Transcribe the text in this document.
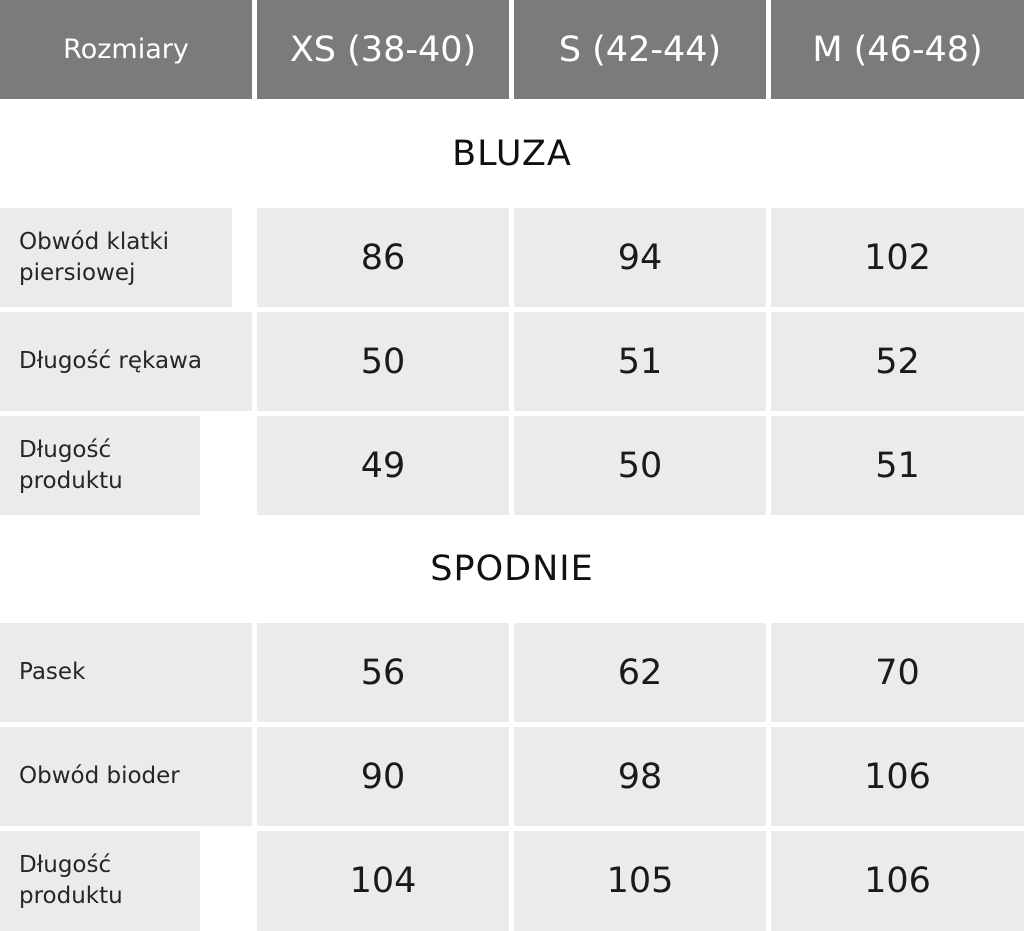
Rozmiary	XS (38-40)	S (42-44)	M (46-48)
BLUZA
Obwód klatki piersiowej	86	94	102
Długość rękawa	50	51	52
Długość produktu	49	50	51
SPODNIE
Pasek	56	62	70
Obwód bioder	90	98	106
Długość produktu	104	105	106
